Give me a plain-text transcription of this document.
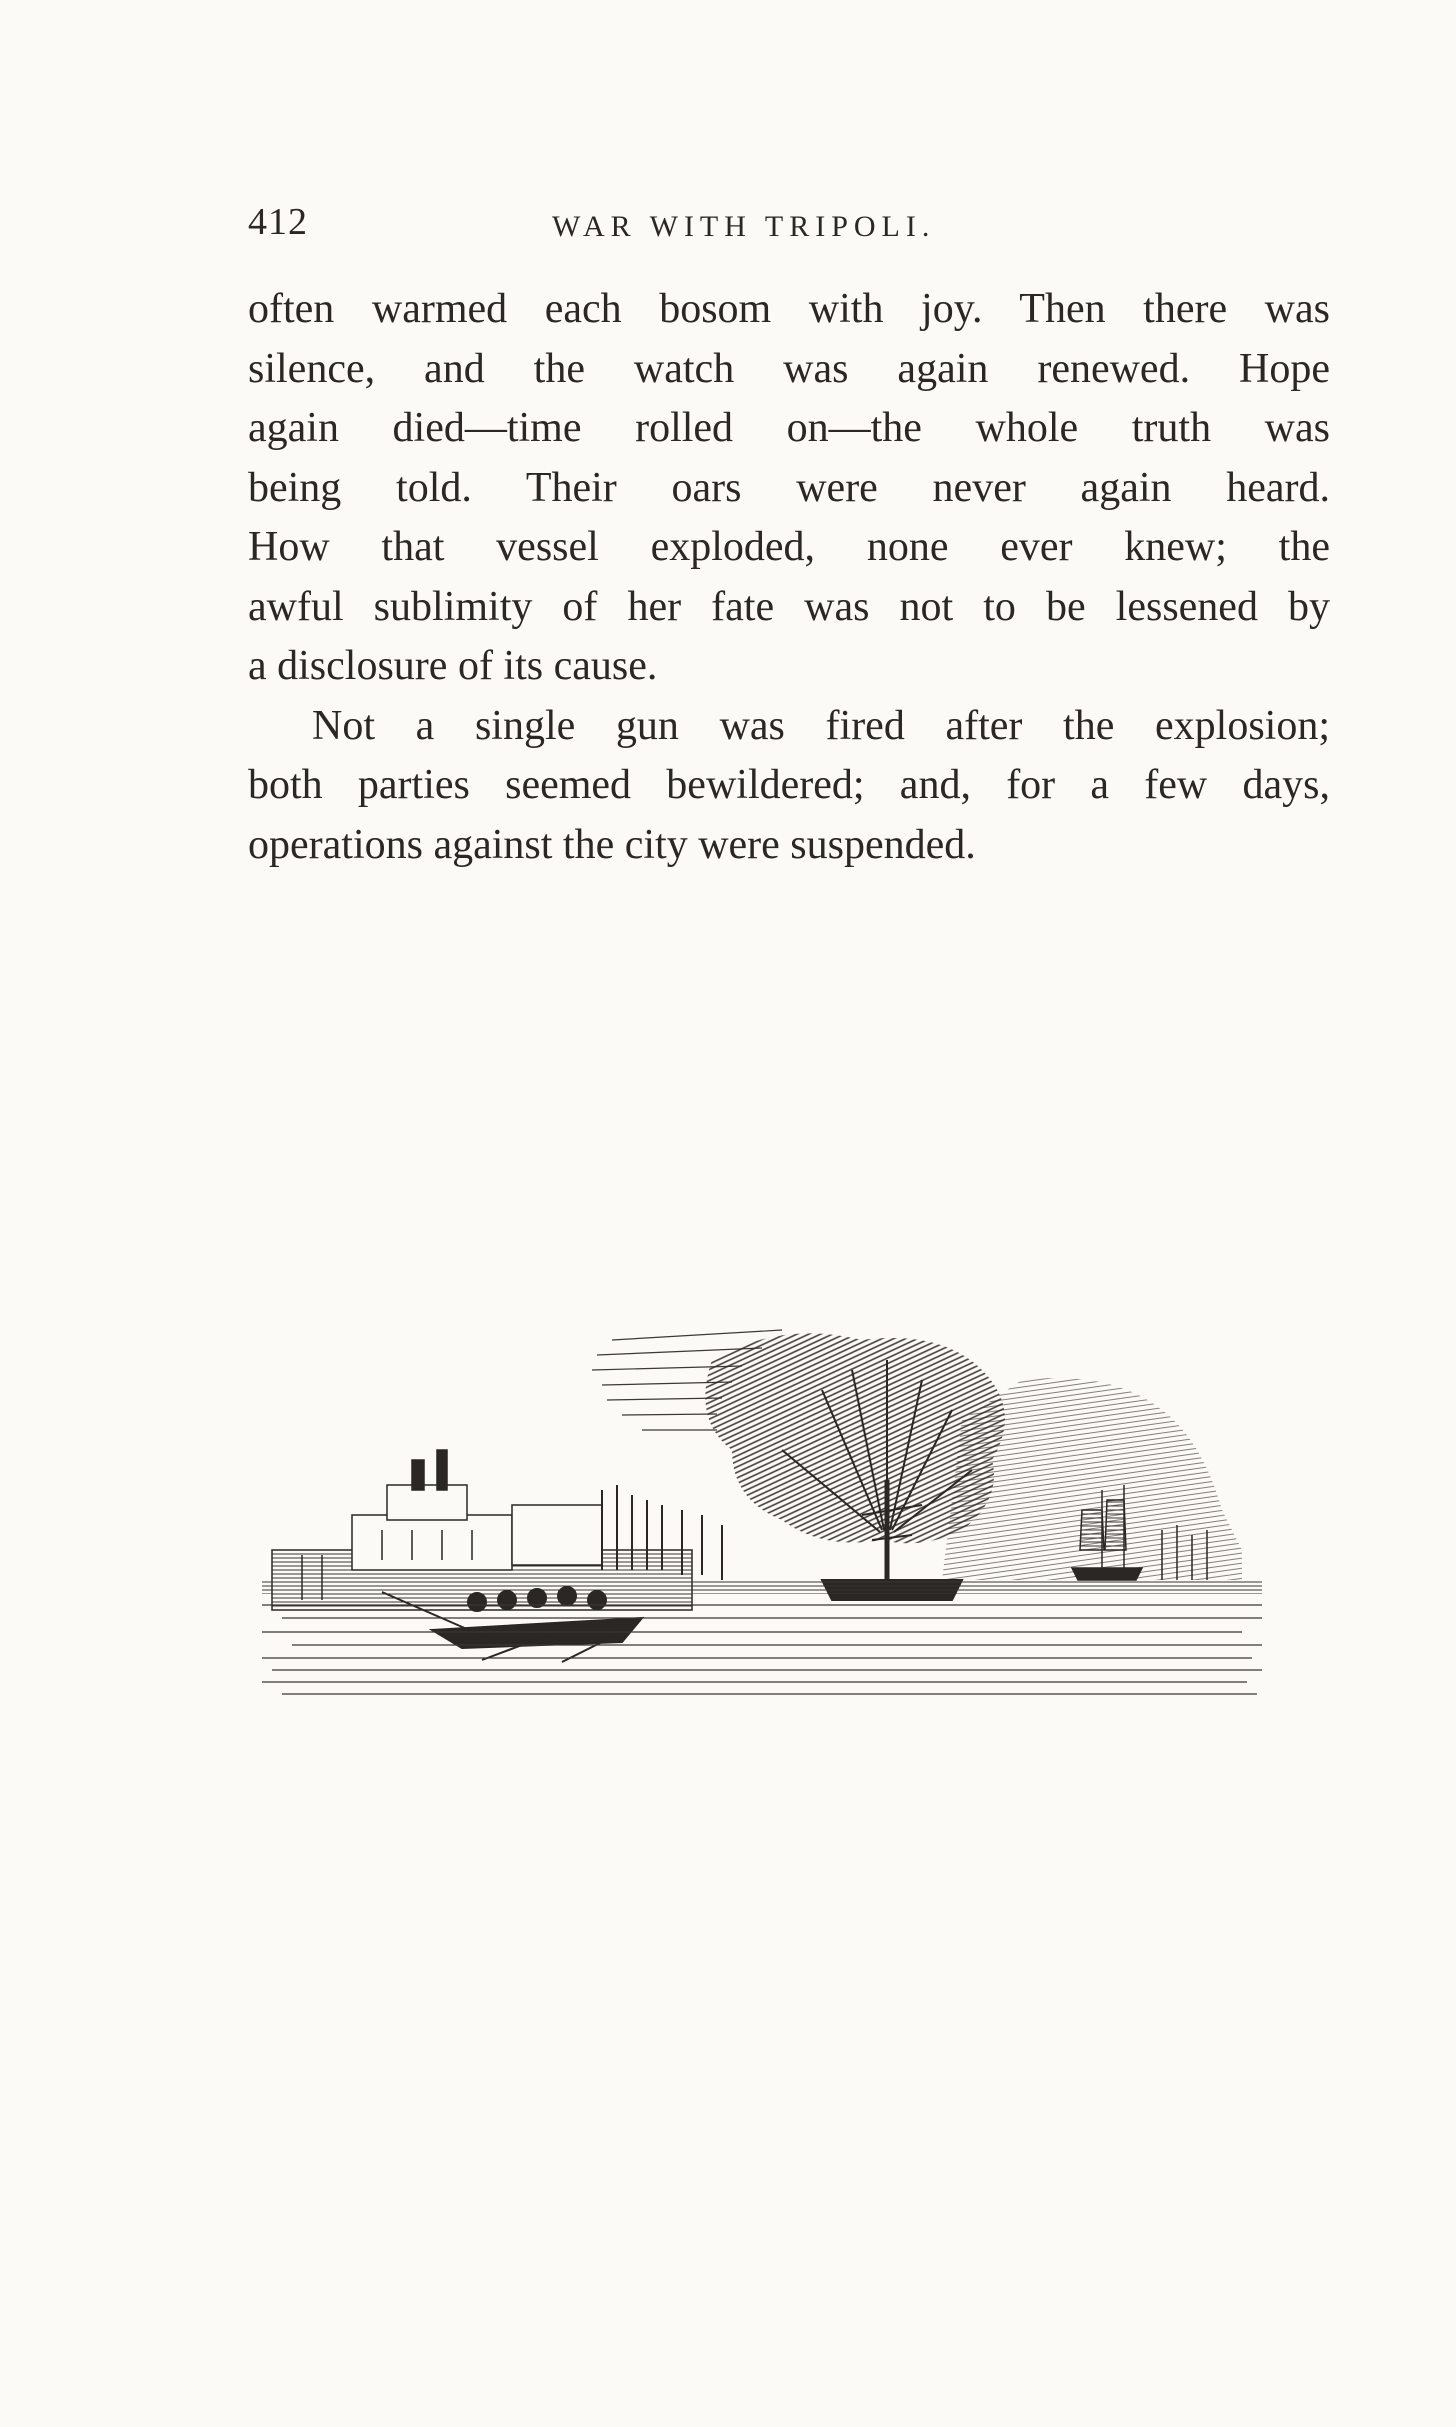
412	WAR WITH TRIPOLI.
often warmed each bosom with joy. Then there was
silence, and the watch was again renewed. Hope
again died—time rolled on—the whole truth was
being told. Their oars were never again heard.
How that vessel exploded, none ever knew; the
awful sublimity of her fate was not to be lessened by
a disclosure of its cause.
Not a single gun was fired after the explosion;
both parties seemed bewildered; and, for a few days,
operations against the city were suspended.
